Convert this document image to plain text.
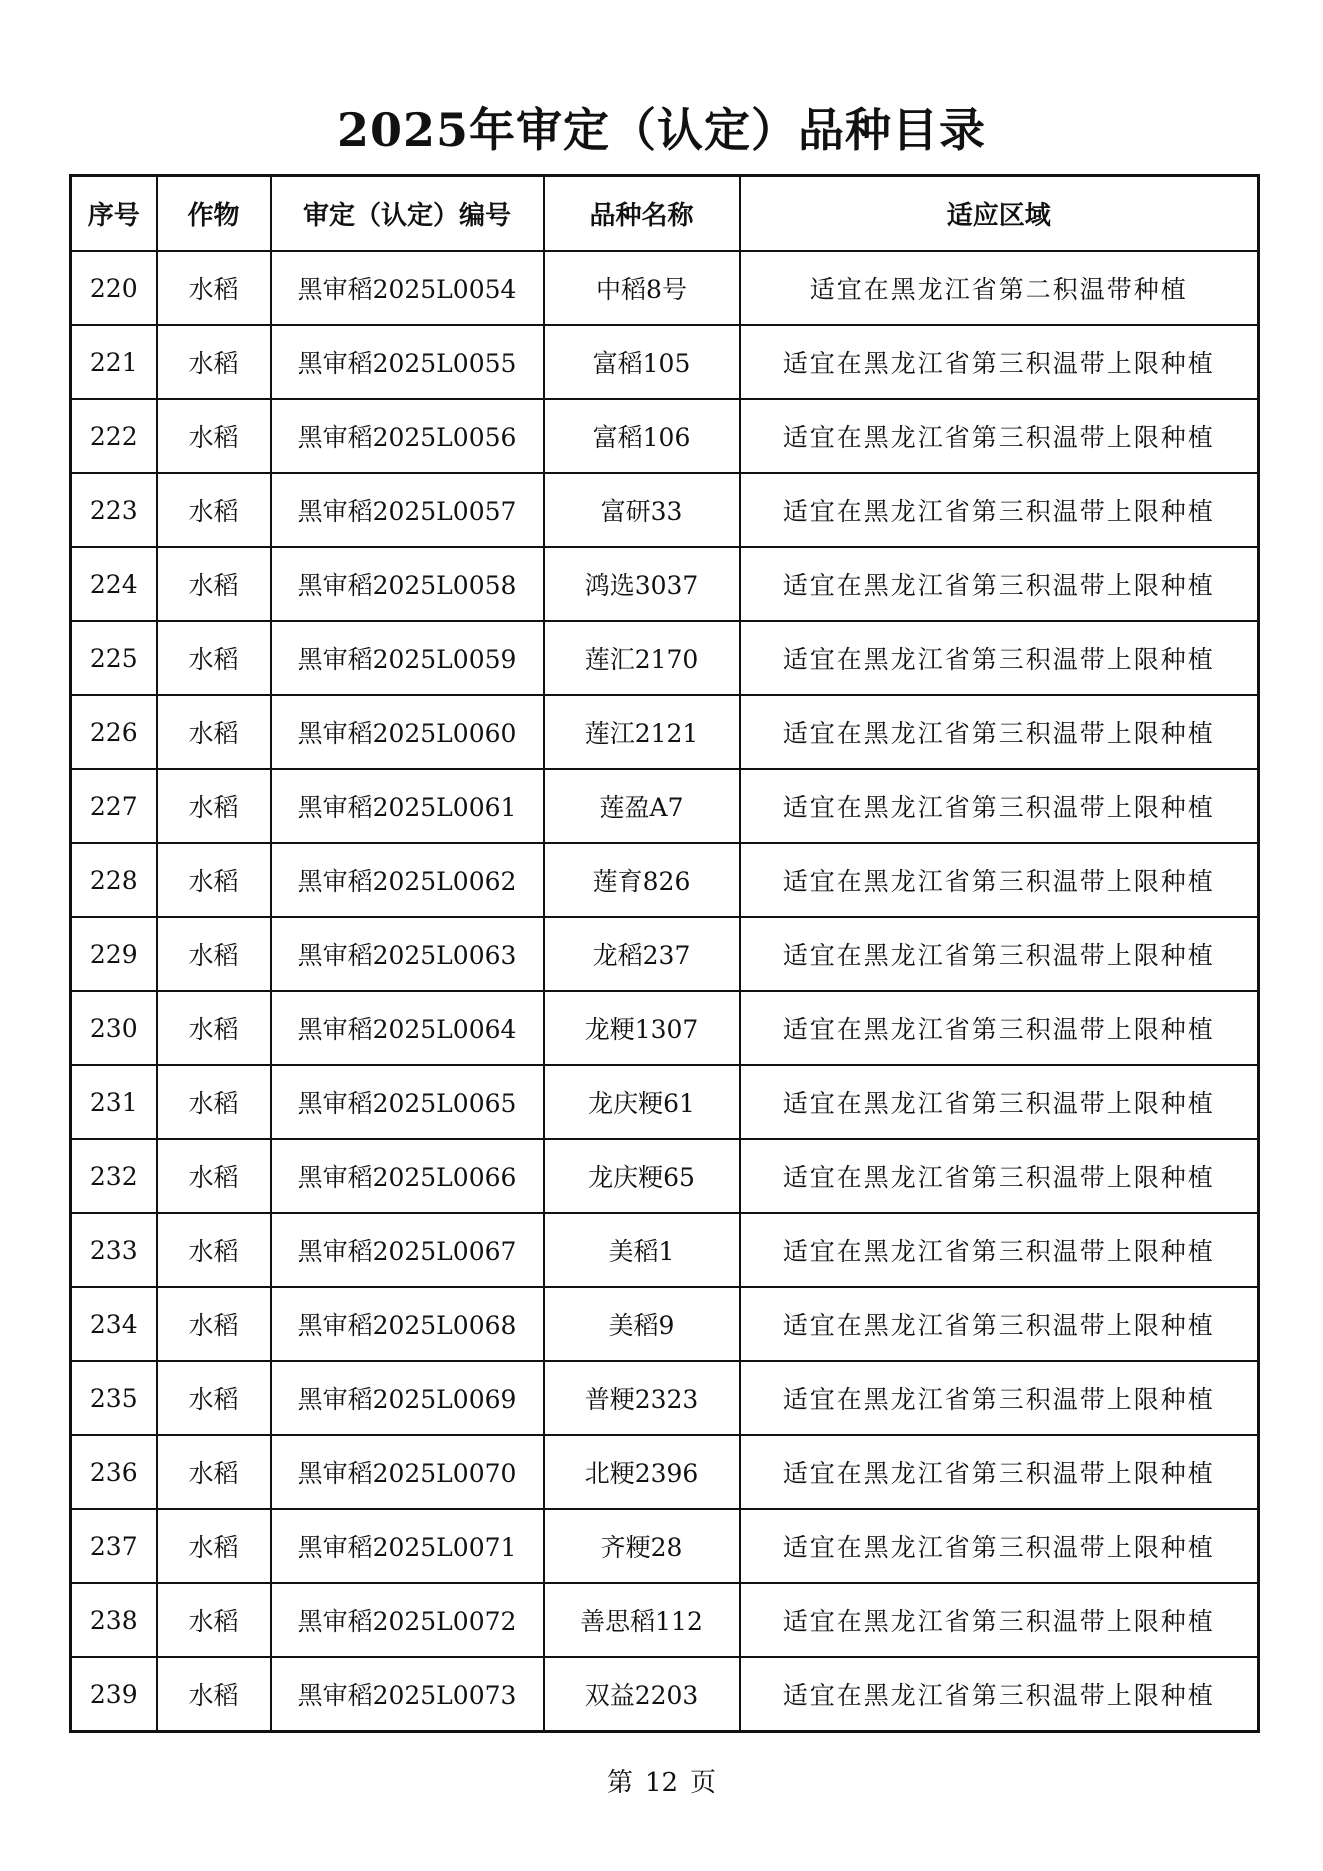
2025年审定（认定）品种目录
序号	作物	审定（认定）编号	品种名称	适应区域
220	水稻	黑审稻2025L0054	中稻8号	适宜在黑龙江省第二积温带种植
221	水稻	黑审稻2025L0055	富稻105	适宜在黑龙江省第三积温带上限种植
222	水稻	黑审稻2025L0056	富稻106	适宜在黑龙江省第三积温带上限种植
223	水稻	黑审稻2025L0057	富研33	适宜在黑龙江省第三积温带上限种植
224	水稻	黑审稻2025L0058	鸿选3037	适宜在黑龙江省第三积温带上限种植
225	水稻	黑审稻2025L0059	莲汇2170	适宜在黑龙江省第三积温带上限种植
226	水稻	黑审稻2025L0060	莲江2121	适宜在黑龙江省第三积温带上限种植
227	水稻	黑审稻2025L0061	莲盈A7	适宜在黑龙江省第三积温带上限种植
228	水稻	黑审稻2025L0062	莲育826	适宜在黑龙江省第三积温带上限种植
229	水稻	黑审稻2025L0063	龙稻237	适宜在黑龙江省第三积温带上限种植
230	水稻	黑审稻2025L0064	龙粳1307	适宜在黑龙江省第三积温带上限种植
231	水稻	黑审稻2025L0065	龙庆粳61	适宜在黑龙江省第三积温带上限种植
232	水稻	黑审稻2025L0066	龙庆粳65	适宜在黑龙江省第三积温带上限种植
233	水稻	黑审稻2025L0067	美稻1	适宜在黑龙江省第三积温带上限种植
234	水稻	黑审稻2025L0068	美稻9	适宜在黑龙江省第三积温带上限种植
235	水稻	黑审稻2025L0069	普粳2323	适宜在黑龙江省第三积温带上限种植
236	水稻	黑审稻2025L0070	北粳2396	适宜在黑龙江省第三积温带上限种植
237	水稻	黑审稻2025L0071	齐粳28	适宜在黑龙江省第三积温带上限种植
238	水稻	黑审稻2025L0072	善思稻112	适宜在黑龙江省第三积温带上限种植
239	水稻	黑审稻2025L0073	双益2203	适宜在黑龙江省第三积温带上限种植
第 12 页
